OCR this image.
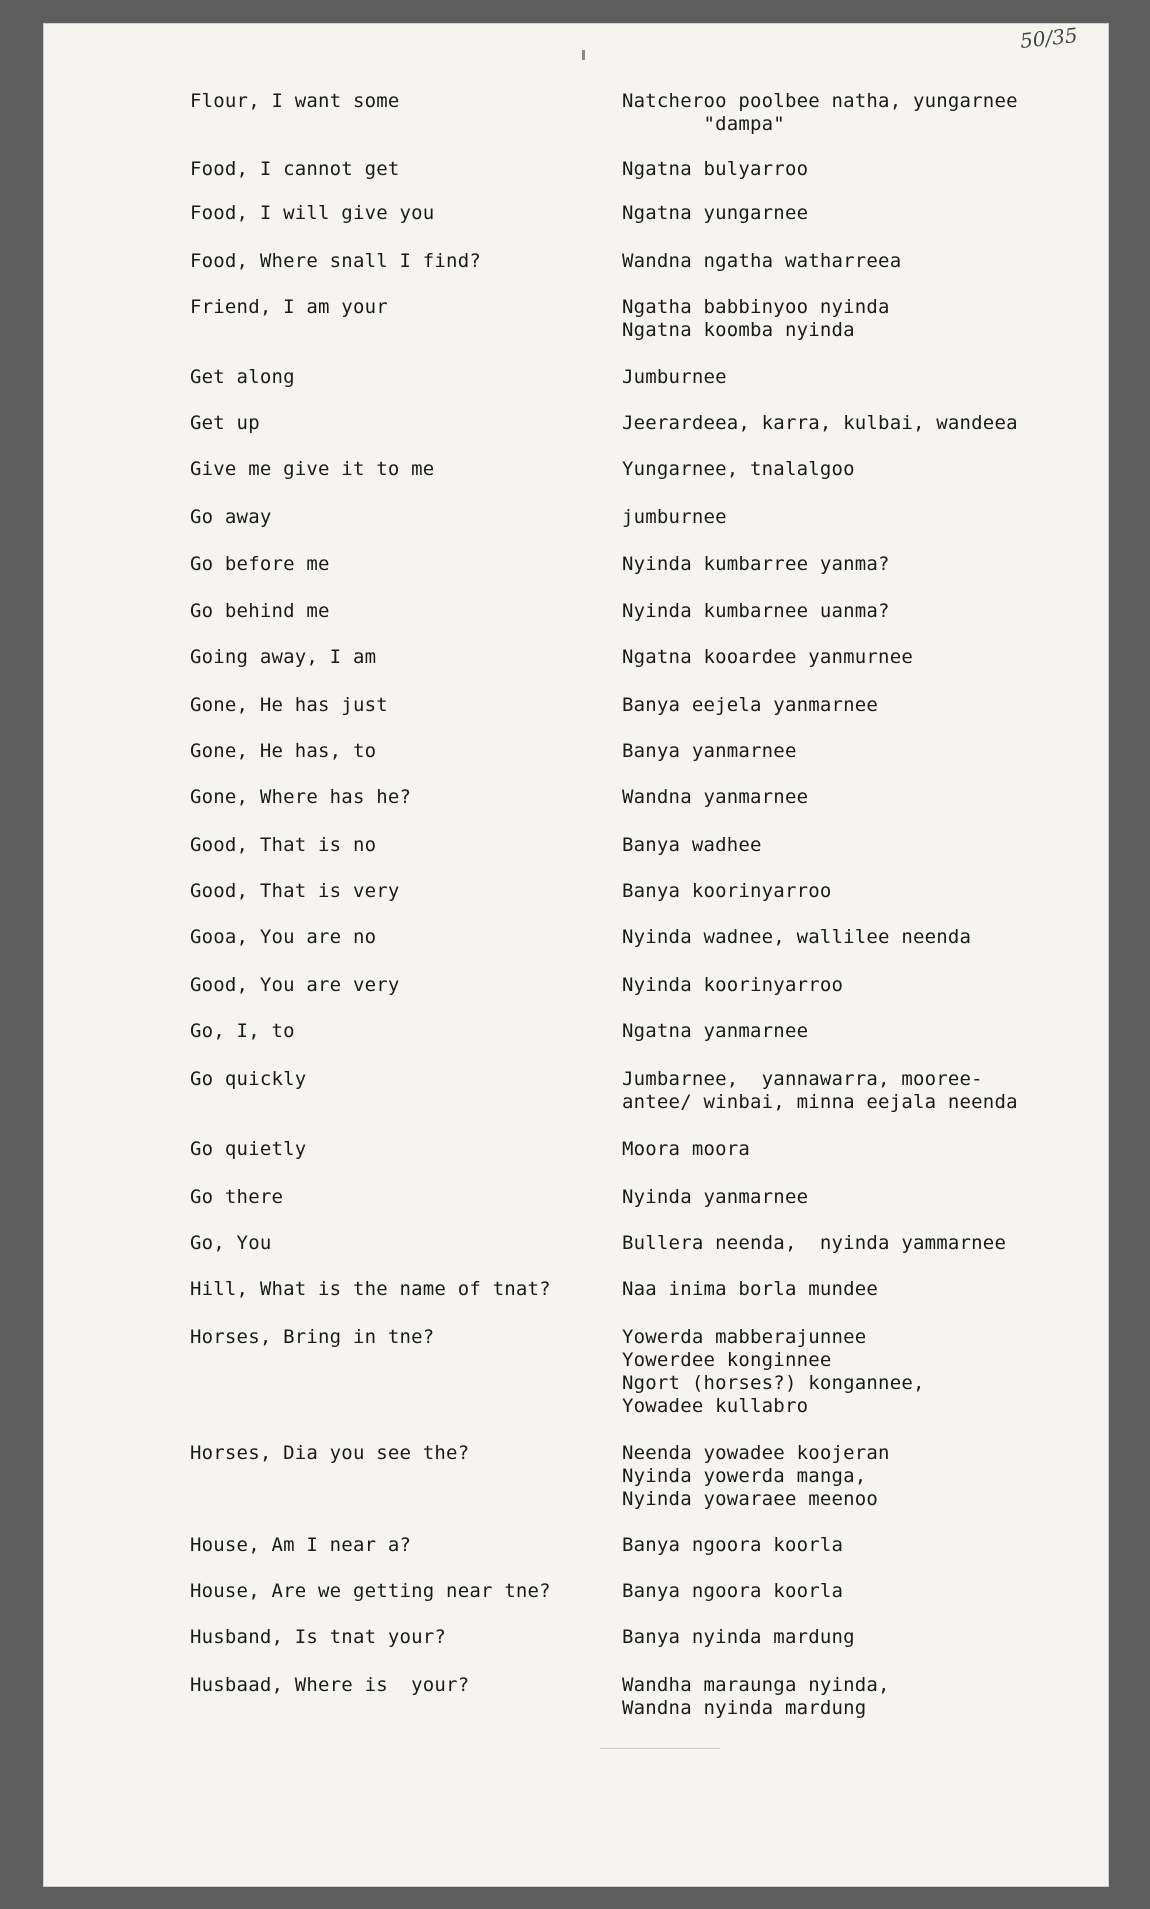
50/35
Flour, I want some	Natcheroo poolbee natha, yungarnee
"dampa"
Food, I cannot get	Ngatna bulyarroo
Food, I will give you	Ngatna yungarnee
Food, Where snall I find?	Wandna ngatha watharreea
Friend, I am your	Ngatha babbinyoo nyinda
Ngatna koomba nyinda
Get along	Jumburnee
Get up	Jeerardeea, karra, kulbai, wandeea
Give me give it to me	Yungarnee, tnalalgoo
Go away	jumburnee
Go before me	Nyinda kumbarree yanma?
Go behind me	Nyinda kumbarnee uanma?
Going away, I am	Ngatna kooardee yanmurnee
Gone, He has just	Banya eejela yanmarnee
Gone, He has, to	Banya yanmarnee
Gone, Where has he?	Wandna yanmarnee
Good, That is no	Banya wadhee
Good, That is very	Banya koorinyarroo
Gooa, You are no	Nyinda wadnee, wallilee neenda
Good, You are very	Nyinda koorinyarroo
Go, I, to	Ngatna yanmarnee
Go quickly	Jumbarnee,  yannawarra, mooree-
antee/ winbai, minna eejala neenda
Go quietly	Moora moora
Go there	Nyinda yanmarnee
Go, You	Bullera neenda,  nyinda yammarnee
Hill, What is the name of tnat?	Naa inima borla mundee
Horses, Bring in tne?	Yowerda mabberajunnee
Yowerdee konginnee
Ngort (horses?) kongannee,
Yowadee kullabro
Horses, Dia you see the?	Neenda yowadee koojeran
Nyinda yowerda manga,
Nyinda yowaraee meenoo
House, Am I near a?	Banya ngoora koorla
House, Are we getting near tne?	Banya ngoora koorla
Husband, Is tnat your?	Banya nyinda mardung
Husbaad, Where is  your?	Wandha maraunga nyinda,
Wandna nyinda mardung
